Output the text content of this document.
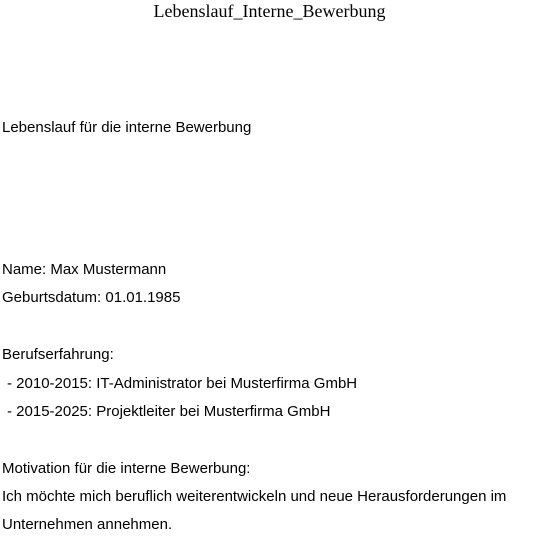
Lebenslauf_Interne_Bewerbung
Lebenslauf für die interne Bewerbung
Name: Max Mustermann
Geburtsdatum: 01.01.1985
Berufserfahrung:
- 2010-2015: IT-Administrator bei Musterfirma GmbH
- 2015-2025: Projektleiter bei Musterfirma GmbH
Motivation für die interne Bewerbung:
Ich möchte mich beruflich weiterentwickeln und neue Herausforderungen im
Unternehmen annehmen.
